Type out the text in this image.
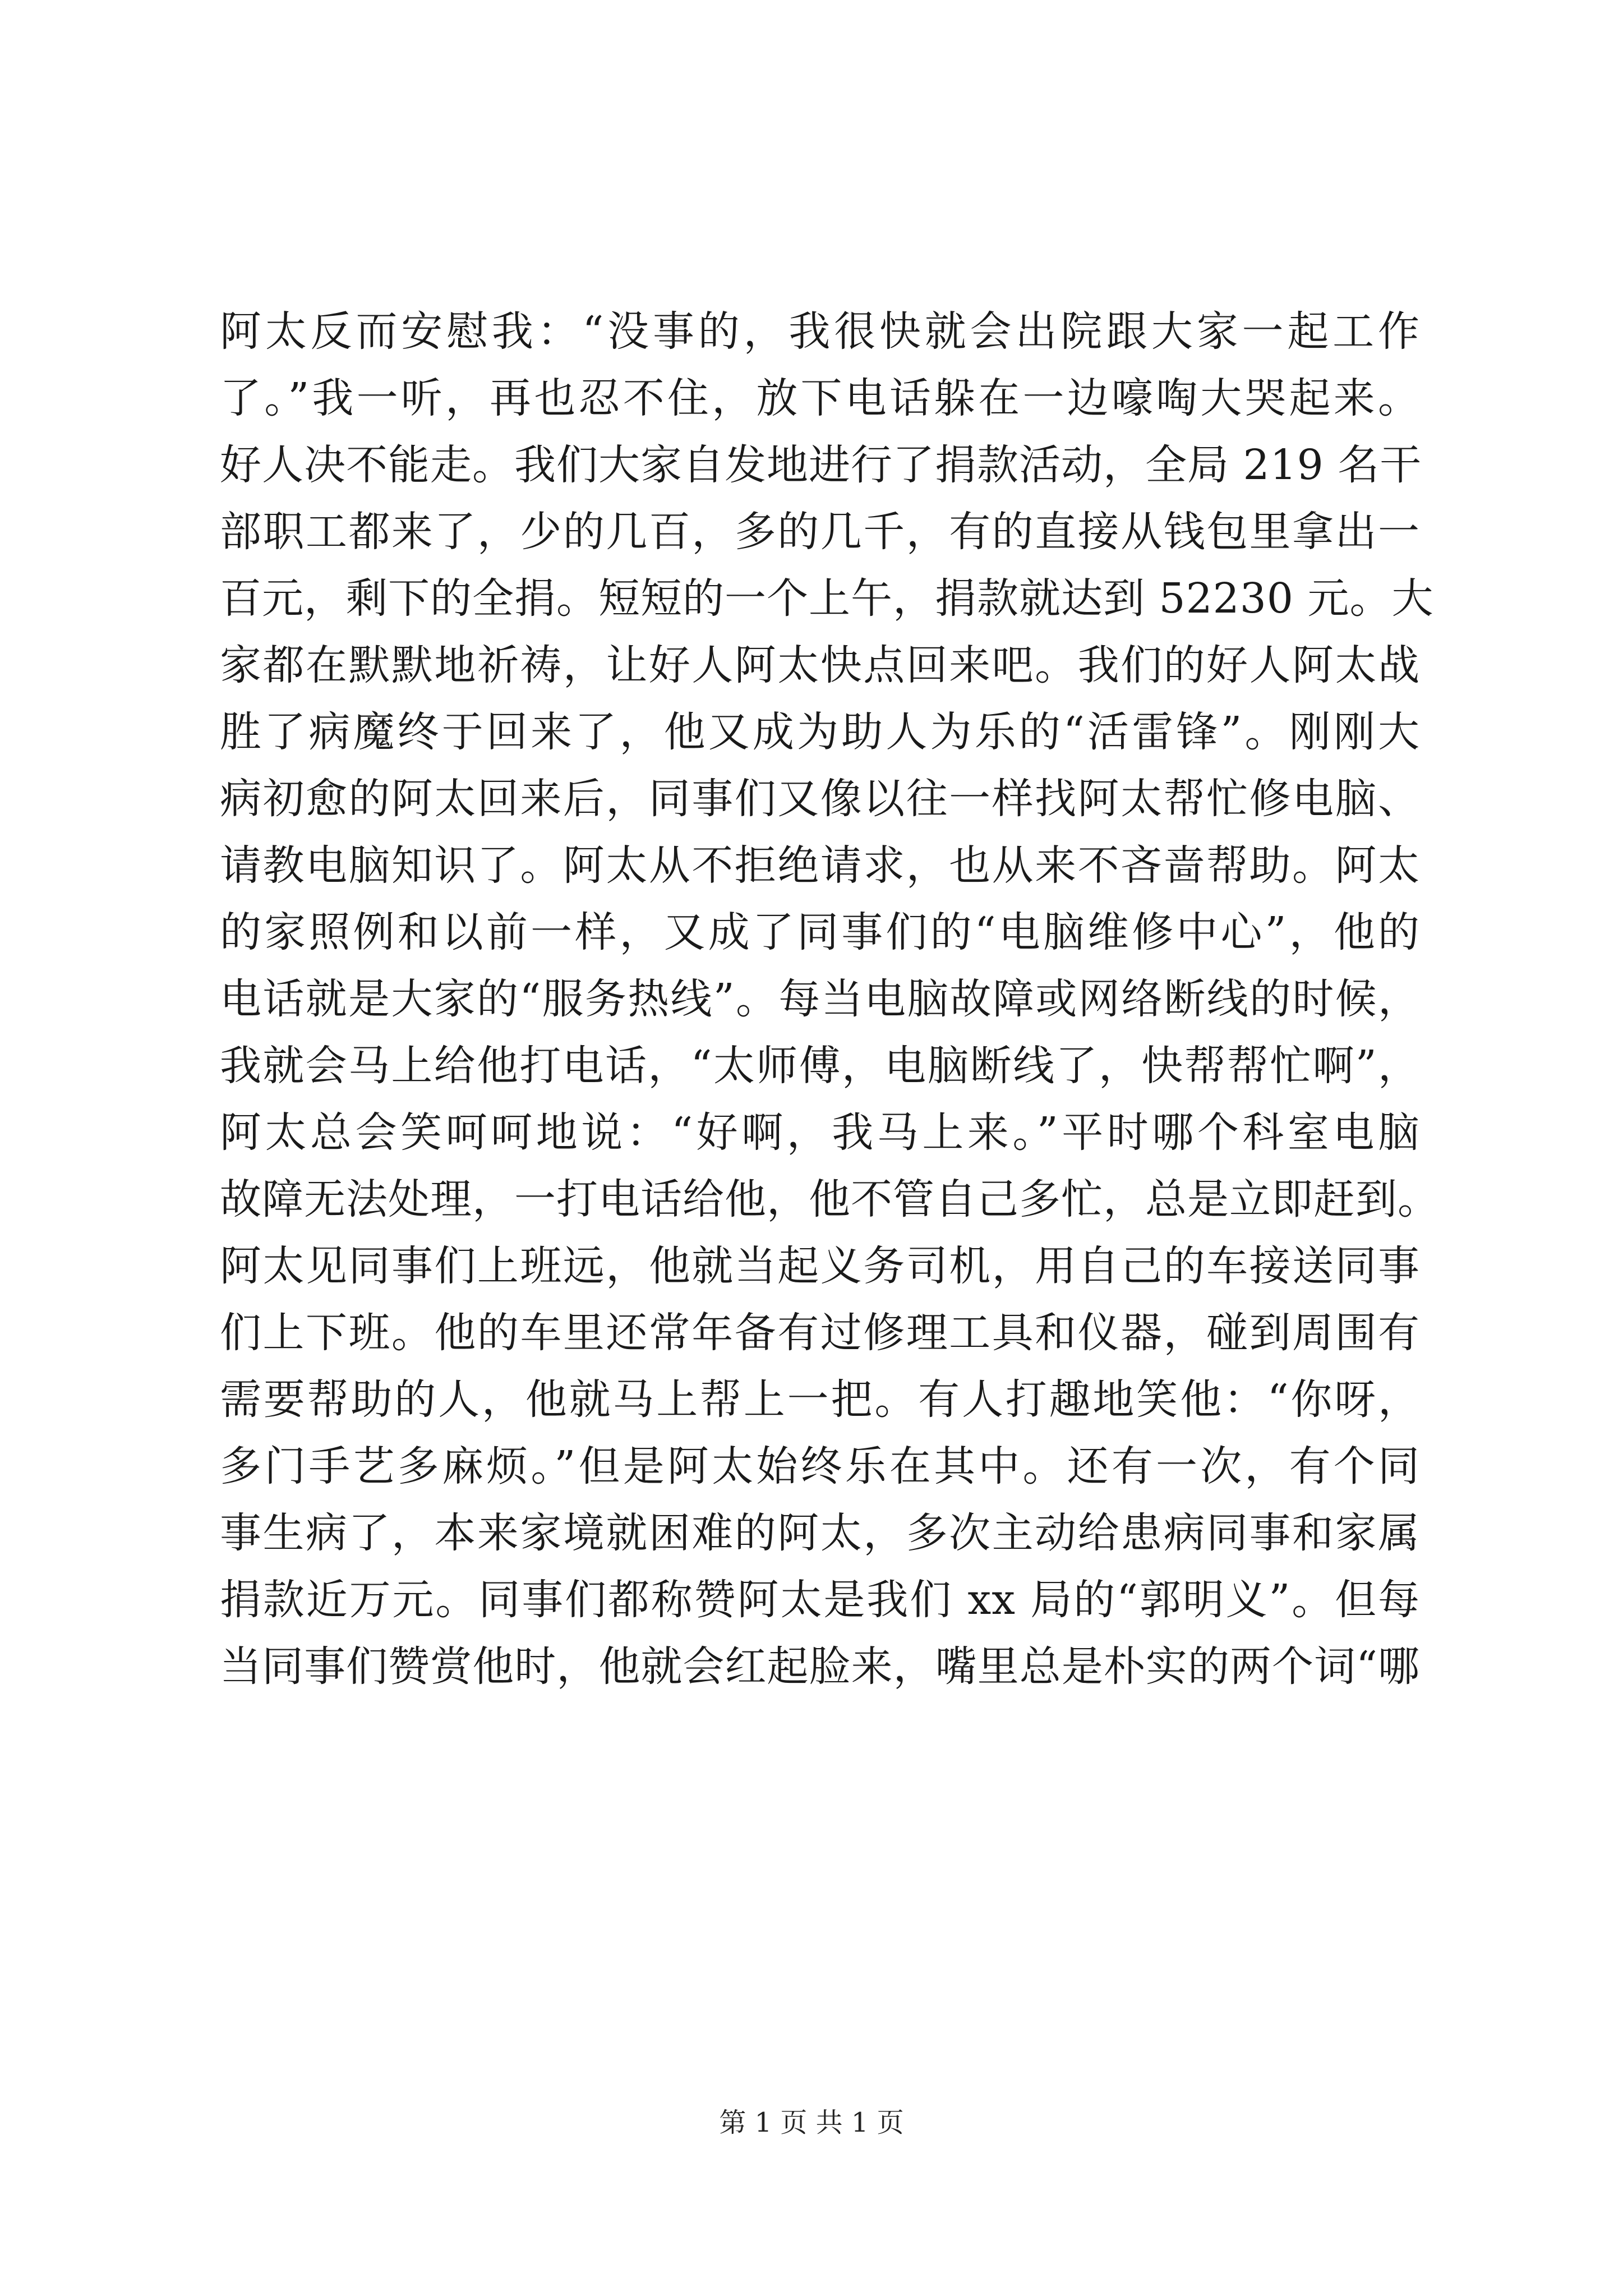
阿太反而安慰我：“没事的，我很快就会出院跟大家一起工作
了。”我一听，再也忍不住，放下电话躲在一边嚎啕大哭起来。
好人决不能走。我们大家自发地进行了捐款活动，全局 219 名干
部职工都来了，少的几百，多的几千，有的直接从钱包里拿出一
百元，剩下的全捐。短短的一个上午，捐款就达到 52230 元。大
家都在默默地祈祷，让好人阿太快点回来吧。我们的好人阿太战
胜了病魔终于回来了，他又成为助人为乐的“活雷锋”。刚刚大
病初愈的阿太回来后，同事们又像以往一样找阿太帮忙修电脑、
请教电脑知识了。阿太从不拒绝请求，也从来不吝啬帮助。阿太
的家照例和以前一样，又成了同事们的“电脑维修中心”，他的
电话就是大家的“服务热线”。每当电脑故障或网络断线的时候，
我就会马上给他打电话，“太师傅，电脑断线了，快帮帮忙啊”，
阿太总会笑呵呵地说：“好啊，我马上来。”平时哪个科室电脑
故障无法处理，一打电话给他，他不管自己多忙，总是立即赶到。
阿太见同事们上班远，他就当起义务司机，用自己的车接送同事
们上下班。他的车里还常年备有过修理工具和仪器，碰到周围有
需要帮助的人，他就马上帮上一把。有人打趣地笑他：“你呀，
多门手艺多麻烦。”但是阿太始终乐在其中。还有一次，有个同
事生病了，本来家境就困难的阿太，多次主动给患病同事和家属
捐款近万元。同事们都称赞阿太是我们 xx 局的“郭明义”。但每
当同事们赞赏他时，他就会红起脸来，嘴里总是朴实的两个词“哪
第 1 页 共 1 页
